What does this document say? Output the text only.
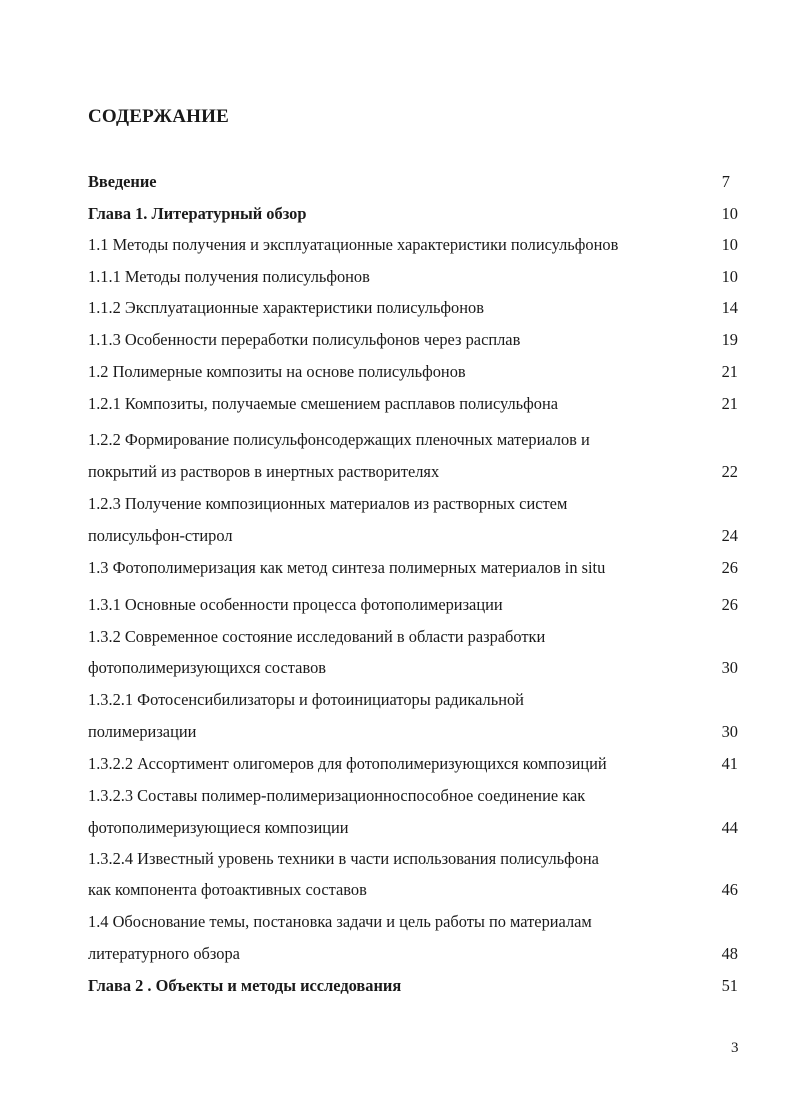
СОДЕРЖАНИЕ
Введение	7
Глава 1. Литературный обзор	10
1.1 Методы получения и эксплуатационные характеристики полисульфонов	10
1.1.1 Методы получения полисульфонов	10
1.1.2 Эксплуатационные характеристики полисульфонов	14
1.1.3 Особенности переработки полисульфонов через расплав	19
1.2 Полимерные композиты на основе полисульфонов	21
1.2.1 Композиты, получаемые смешением расплавов полисульфона	21
1.2.2 Формирование полисульфонсодержащих пленочных материалов и
покрытий из растворов в инертных растворителях	22
1.2.3 Получение композиционных материалов из растворных систем
полисульфон-стирол	24
1.3 Фотополимеризация как метод синтеза полимерных материалов in situ	26
1.3.1 Основные особенности процесса фотополимеризации	26
1.3.2 Современное состояние исследований в области разработки
фотополимеризующихся составов	30
1.3.2.1 Фотосенсибилизаторы и фотоинициаторы радикальной
полимеризации	30
1.3.2.2 Ассортимент олигомеров для фотополимеризующихся композиций	41
1.3.2.3 Составы полимер-полимеризационноспособное соединение как
фотополимеризующиеся композиции	44
1.3.2.4 Известный уровень техники в части использования полисульфона
как компонента фотоактивных составов	46
1.4 Обоснование темы, постановка задачи и цель работы по материалам
литературного обзора	48
Глава 2 . Объекты и методы исследования	51
3
